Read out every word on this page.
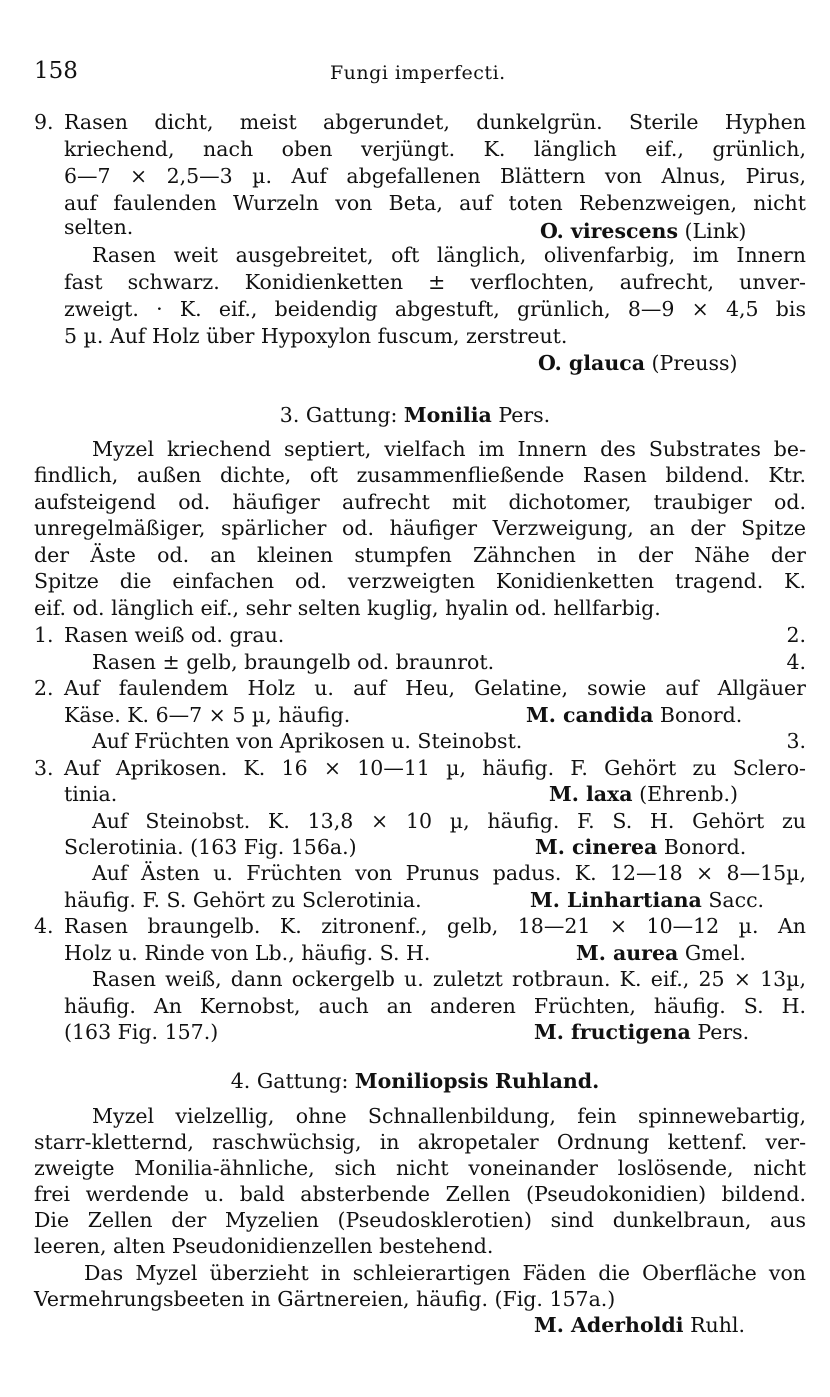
158	Fungi imperfecti.
9. Rasen dicht, meist abgerundet, dunkelgrün. Sterile Hyphen
kriechend, nach oben verjüngt. K. länglich eif., grünlich,
6—7 × 2,5—3 µ. Auf abgefallenen Blättern von Alnus, Pirus,
auf faulenden Wurzeln von Beta, auf toten Rebenzweigen, nicht
selten.	O. virescens (Link)
Rasen weit ausgebreitet, oft länglich, olivenfarbig, im Innern
fast schwarz. Konidienketten ± verflochten, aufrecht, unver-
zweigt. · K. eif., beidendig abgestuft, grünlich, 8—9 × 4,5 bis
5 µ. Auf Holz über Hypoxylon fuscum, zerstreut.
O. glauca (Preuss)
3. Gattung: Monilia Pers.
Myzel kriechend septiert, vielfach im Innern des Substrates be-
findlich, außen dichte, oft zusammenfließende Rasen bildend. Ktr.
aufsteigend od. häufiger aufrecht mit dichotomer, traubiger od.
unregelmäßiger, spärlicher od. häufiger Verzweigung, an der Spitze
der Äste od. an kleinen stumpfen Zähnchen in der Nähe der
Spitze die einfachen od. verzweigten Konidienketten tragend. K.
eif. od. länglich eif., sehr selten kuglig, hyalin od. hellfarbig.
1. Rasen weiß od. grau.	2.
Rasen ± gelb, braungelb od. braunrot.	4.
2. Auf faulendem Holz u. auf Heu, Gelatine, sowie auf Allgäuer
Käse. K. 6—7 × 5 µ, häufig.	M. candida Bonord.
Auf Früchten von Aprikosen u. Steinobst.	3.
3. Auf Aprikosen. K. 16 × 10—11 µ, häufig. F. Gehört zu Sclero-
tinia.	M. laxa (Ehrenb.)
Auf Steinobst. K. 13,8 × 10 µ, häufig. F. S. H. Gehört zu
Sclerotinia. (163 Fig. 156a.)	M. cinerea Bonord.
Auf Ästen u. Früchten von Prunus padus. K. 12—18 × 8—15µ,
häufig. F. S. Gehört zu Sclerotinia.	M. Linhartiana Sacc.
4. Rasen braungelb. K. zitronenf., gelb, 18—21 × 10—12 µ. An
Holz u. Rinde von Lb., häufig. S. H.	M. aurea Gmel.
Rasen weiß, dann ockergelb u. zuletzt rotbraun. K. eif., 25 × 13µ,
häufig. An Kernobst, auch an anderen Früchten, häufig. S. H.
(163 Fig. 157.)	M. fructigena Pers.
4. Gattung: Moniliopsis Ruhland.
Myzel vielzellig, ohne Schnallenbildung, fein spinnewebartig,
starr-kletternd, raschwüchsig, in akropetaler Ordnung kettenf. ver-
zweigte Monilia-ähnliche, sich nicht voneinander loslösende, nicht
frei werdende u. bald absterbende Zellen (Pseudokonidien) bildend.
Die Zellen der Myzelien (Pseudosklerotien) sind dunkelbraun, aus
leeren, alten Pseudonidienzellen bestehend.
Das Myzel überzieht in schleierartigen Fäden die Oberfläche von
Vermehrungsbeeten in Gärtnereien, häufig. (Fig. 157a.)
M. Aderholdi Ruhl.
